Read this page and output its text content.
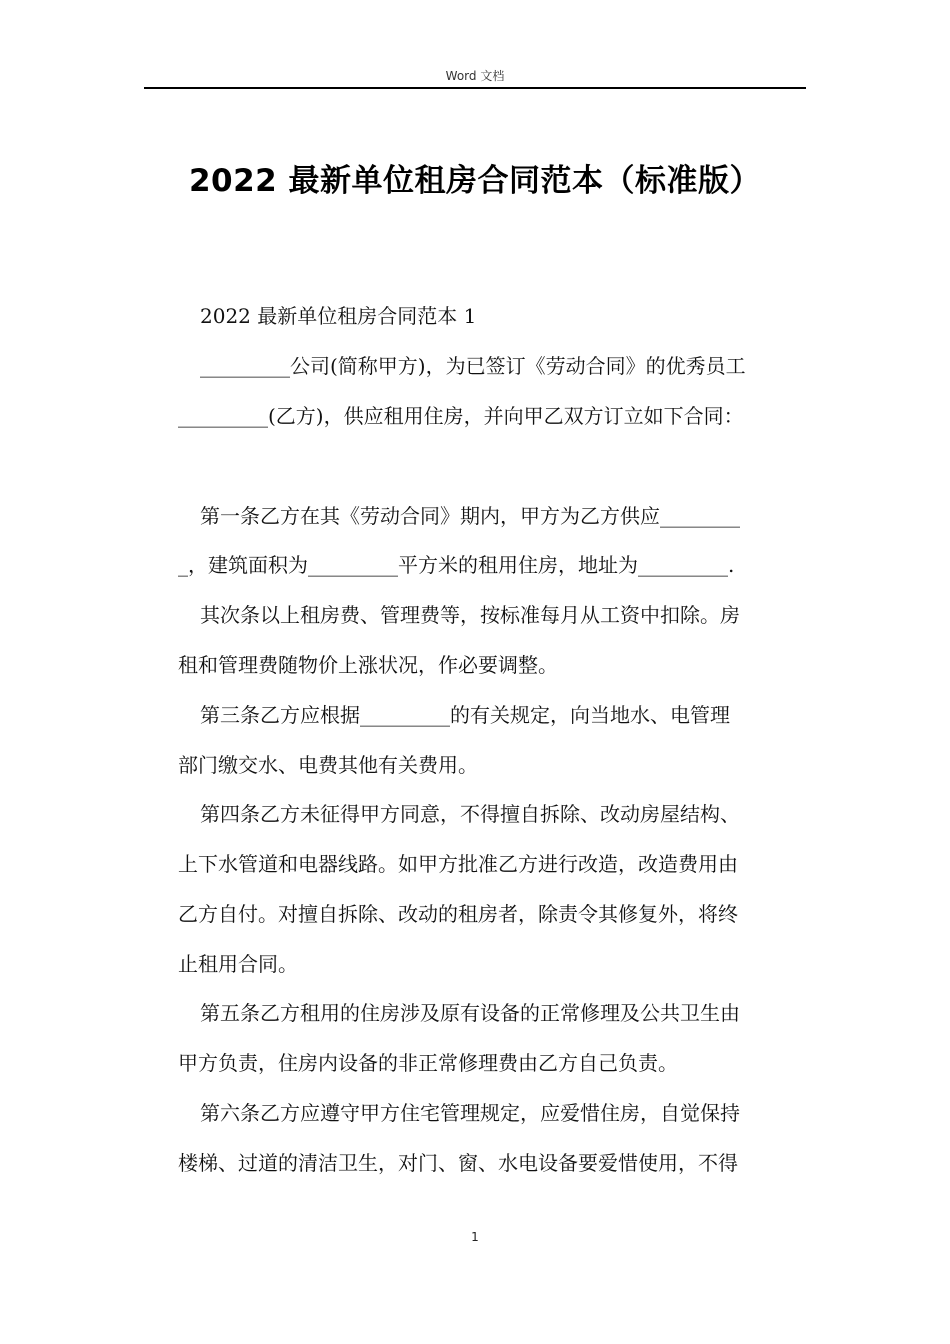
Word 文档
2022 最新单位租房合同范本（标准版）
2022 最新单位租房合同范本 1
_________公司(简称甲方)，为已签订《劳动合同》的优秀员工
_________(乙方)，供应租用住房，并向甲乙双方订立如下合同：
第一条乙方在其《劳动合同》期内，甲方为乙方供应________
_，建筑面积为_________平方米的租用住房，地址为_________.
其次条以上租房费、管理费等，按标准每月从工资中扣除。房
租和管理费随物价上涨状况，作必要调整。
第三条乙方应根据_________的有关规定，向当地水、电管理
部门缴交水、电费其他有关费用。
第四条乙方未征得甲方同意，不得擅自拆除、改动房屋结构、
上下水管道和电器线路。如甲方批准乙方进行改造，改造费用由
乙方自付。对擅自拆除、改动的租房者，除责令其修复外，将终
止租用合同。
第五条乙方租用的住房涉及原有设备的正常修理及公共卫生由
甲方负责，住房内设备的非正常修理费由乙方自己负责。
第六条乙方应遵守甲方住宅管理规定，应爱惜住房，自觉保持
楼梯、过道的清洁卫生，对门、窗、水电设备要爱惜使用，不得
1
